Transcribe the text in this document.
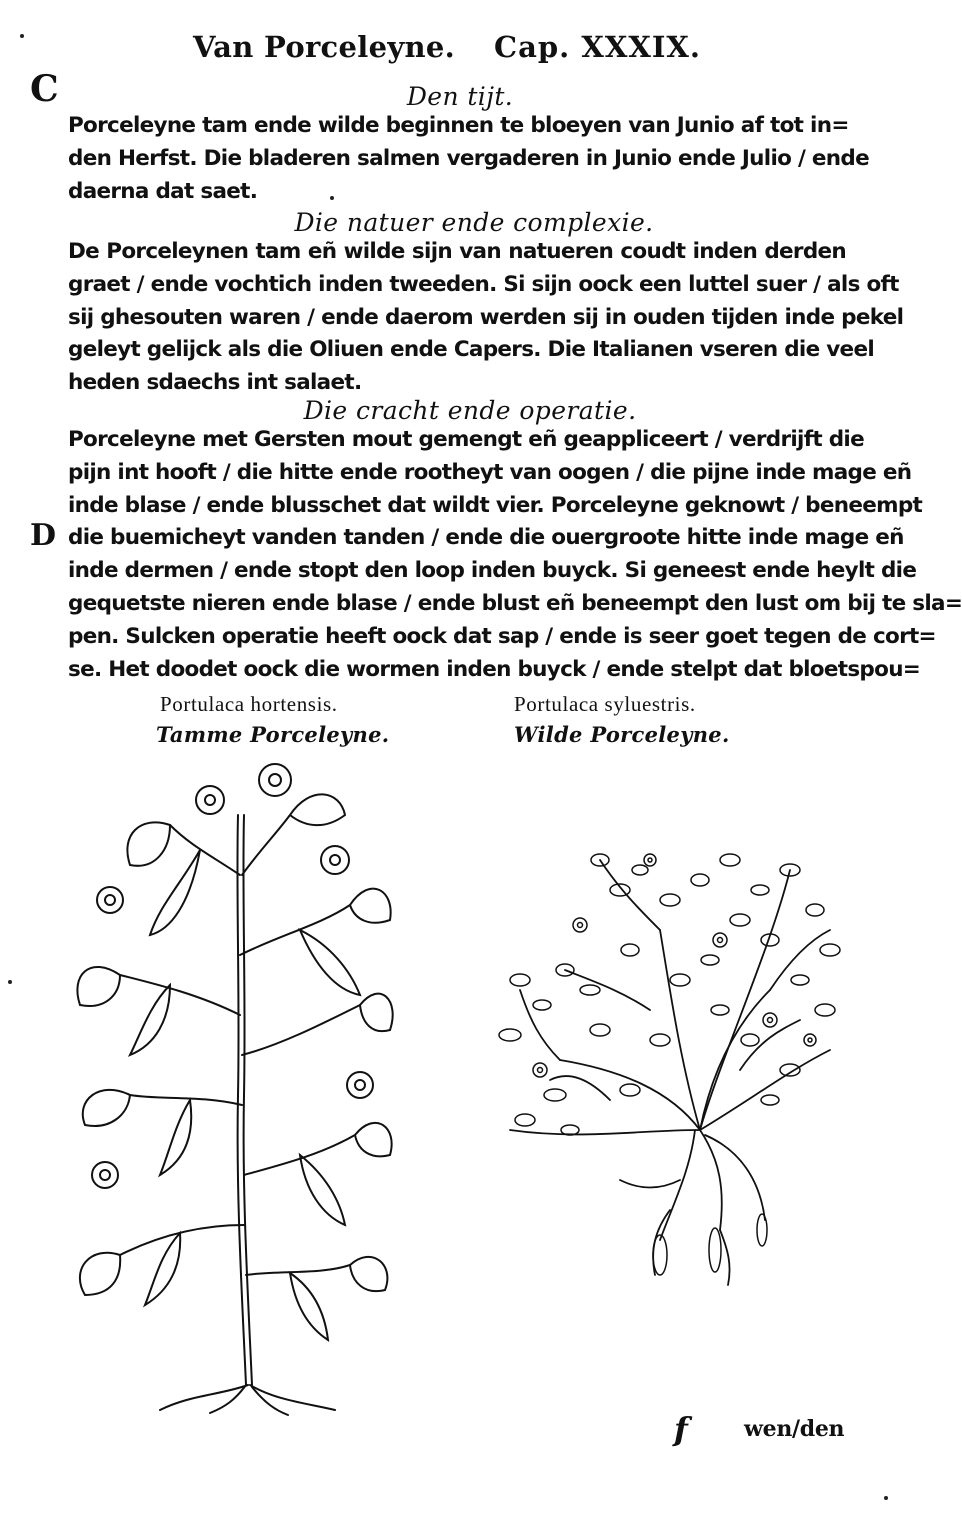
Van Porceleyne. Cap. XXXIX.
C
D
Den tijt.
Porceleyne tam ende wilde beginnen te bloeyen van Junio af tot in=
den Herfst. Die bladeren salmen vergaderen in Junio ende Julio / ende
daerna dat saet.
Die natuer ende complexie.
De Porceleynen tam eñ wilde sijn van natueren coudt inden derden
graet / ende vochtich inden tweeden. Si sijn oock een luttel suer / als oft
sij ghesouten waren / ende daerom werden sij in ouden tijden inde pekel
geleyt gelijck als die Oliuen ende Capers. Die Italianen vseren die veel
heden sdaechs int salaet.
Die cracht ende operatie.
Porceleyne met Gersten mout gemengt eñ geappliceert / verdrijft die
pijn int hooft / die hitte ende rootheyt van oogen / die pijne inde mage eñ
inde blase / ende blusschet dat wildt vier. Porceleyne geknowt / beneempt
die buemicheyt vanden tanden / ende die ouergroote hitte inde mage eñ
inde dermen / ende stopt den loop inden buyck. Si geneest ende heylt die
gequetste nieren ende blase / ende blust eñ beneempt den lust om bij te sla=
pen. Sulcken operatie heeft oock dat sap / ende is seer goet tegen de cort=
se. Het doodet oock die wormen inden buyck / ende stelpt dat bloetspou=
Portulaca hortensis.
Tamme Porceleyne.
Portulaca syluestris.
Wilde Porceleyne.
f	wen/den
